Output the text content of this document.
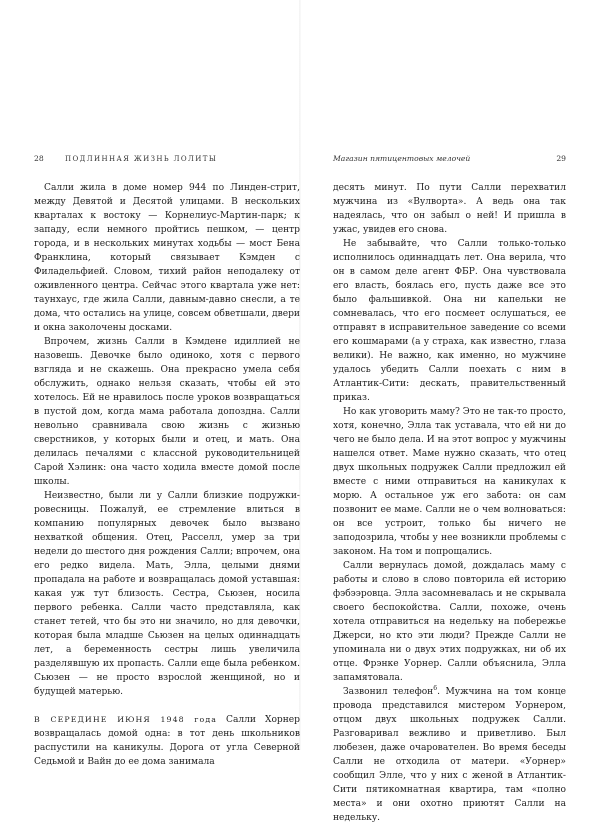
28	ПОДЛИННАЯ ЖИЗНЬ ЛОЛИТЫ

Салли жила в доме номер 944 по Линден-стрит, между Девятой и Десятой улицами. В нескольких кварталах к востоку — Корнелиус-Мартин-парк; к западу, если немного пройтись пешком, — центр города, и в нескольких минутах ходьбы — мост Бена Франклина, который связывает Кэмден с Филадельфией. Словом, тихий район неподалеку от оживленного центра. Сейчас этого квартала уже нет: таунхаус, где жила Салли, давным-давно снесли, а те дома, что остались на улице, совсем обветшали, двери и окна заколочены досками.

Впрочем, жизнь Салли в Кэмдене идиллией не назовешь. Девочке было одиноко, хотя с первого взгляда и не скажешь. Она прекрасно умела себя обслужить, однако нельзя сказать, чтобы ей это хотелось. Ей не нравилось после уроков возвращаться в пустой дом, когда мама работала допоздна. Салли невольно сравнивала свою жизнь с жизнью сверстников, у которых были и отец, и мать. Она делилась печалями с классной руководительницей Сарой Хэлинк: она часто ходила вместе домой после школы.

Неизвестно, были ли у Салли близкие подружки-ровесницы. Пожалуй, ее стремление влиться в компанию популярных девочек было вызвано нехваткой общения. Отец, Расселл, умер за три недели до шестого дня рождения Салли; впрочем, она его редко видела. Мать, Элла, целыми днями пропадала на работе и возвращалась домой уставшая: какая уж тут близость. Сестра, Сьюзен, носила первого ребенка. Салли часто представляла, как станет тетей, что бы это ни значило, но для девочки, которая была младше Сьюзен на целых одиннадцать лет, а беременность сестры лишь увеличила разделявшую их пропасть. Салли еще была ребенком. Сьюзен — не просто взрослой женщиной, но и будущей матерью.

В СЕРЕДИНЕ ИЮНЯ 1948 года Салли Хорнер возвращалась домой одна: в тот день школьников распустили на каникулы. Дорога от угла Северной Седьмой и Вайн до ее дома занимала

Магазин пятицентовых мелочей	29

десять минут. По пути Салли перехватил мужчина из «Вулворта». А ведь она так надеялась, что он забыл о ней! И пришла в ужас, увидев его снова.

Не забывайте, что Салли только-только исполнилось одиннадцать лет. Она верила, что он в самом деле агент ФБР. Она чувствовала его власть, боялась его, пусть даже все это было фальшивкой. Она ни капельки не сомневалась, что его посмеет ослушаться, ее отправят в исправительное заведение со всеми его кошмарами (а у страха, как известно, глаза велики). Не важно, как именно, но мужчине удалось убедить Салли поехать с ним в Атлантик-Сити: дескать, правительственный приказ.

Но как уговорить маму? Это не так-то просто, хотя, конечно, Элла так уставала, что ей ни до чего не было дела. И на этот вопрос у мужчины нашелся ответ. Маме нужно сказать, что отец двух школьных подружек Салли предложил ей вместе с ними отправиться на каникулах к морю. А остальное уж его забота: он сам позвонит ее маме. Салли не о чем волноваться: он все устроит, только бы ничего не заподозрила, чтобы у нее возникли проблемы с законом. На том и попрощались.

Салли вернулась домой, дождалась маму с работы и слово в слово повторила ей историю фэбээровца. Элла засомневалась и не скрывала своего беспокойства. Салли, похоже, очень хотела отправиться на недельку на побережье Джерси, но кто эти люди? Прежде Салли не упоминала ни о двух этих подружках, ни об их отце. Фрэнке Уорнер. Салли объяснила, Элла запамятовала.

Зазвонил телефон$^6$. Мужчина на том конце провода представился мистером Уорнером, отцом двух школьных подружек Салли. Разговаривал вежливо и приветливо. Был любезен, даже очарователен. Во время беседы Салли не отходила от матери. «Уорнер» сообщил Элле, что у них с женой в Атлантик-Сити пятикомнатная квартира, там «полно места» и они охотно приютят Салли на недельку.
